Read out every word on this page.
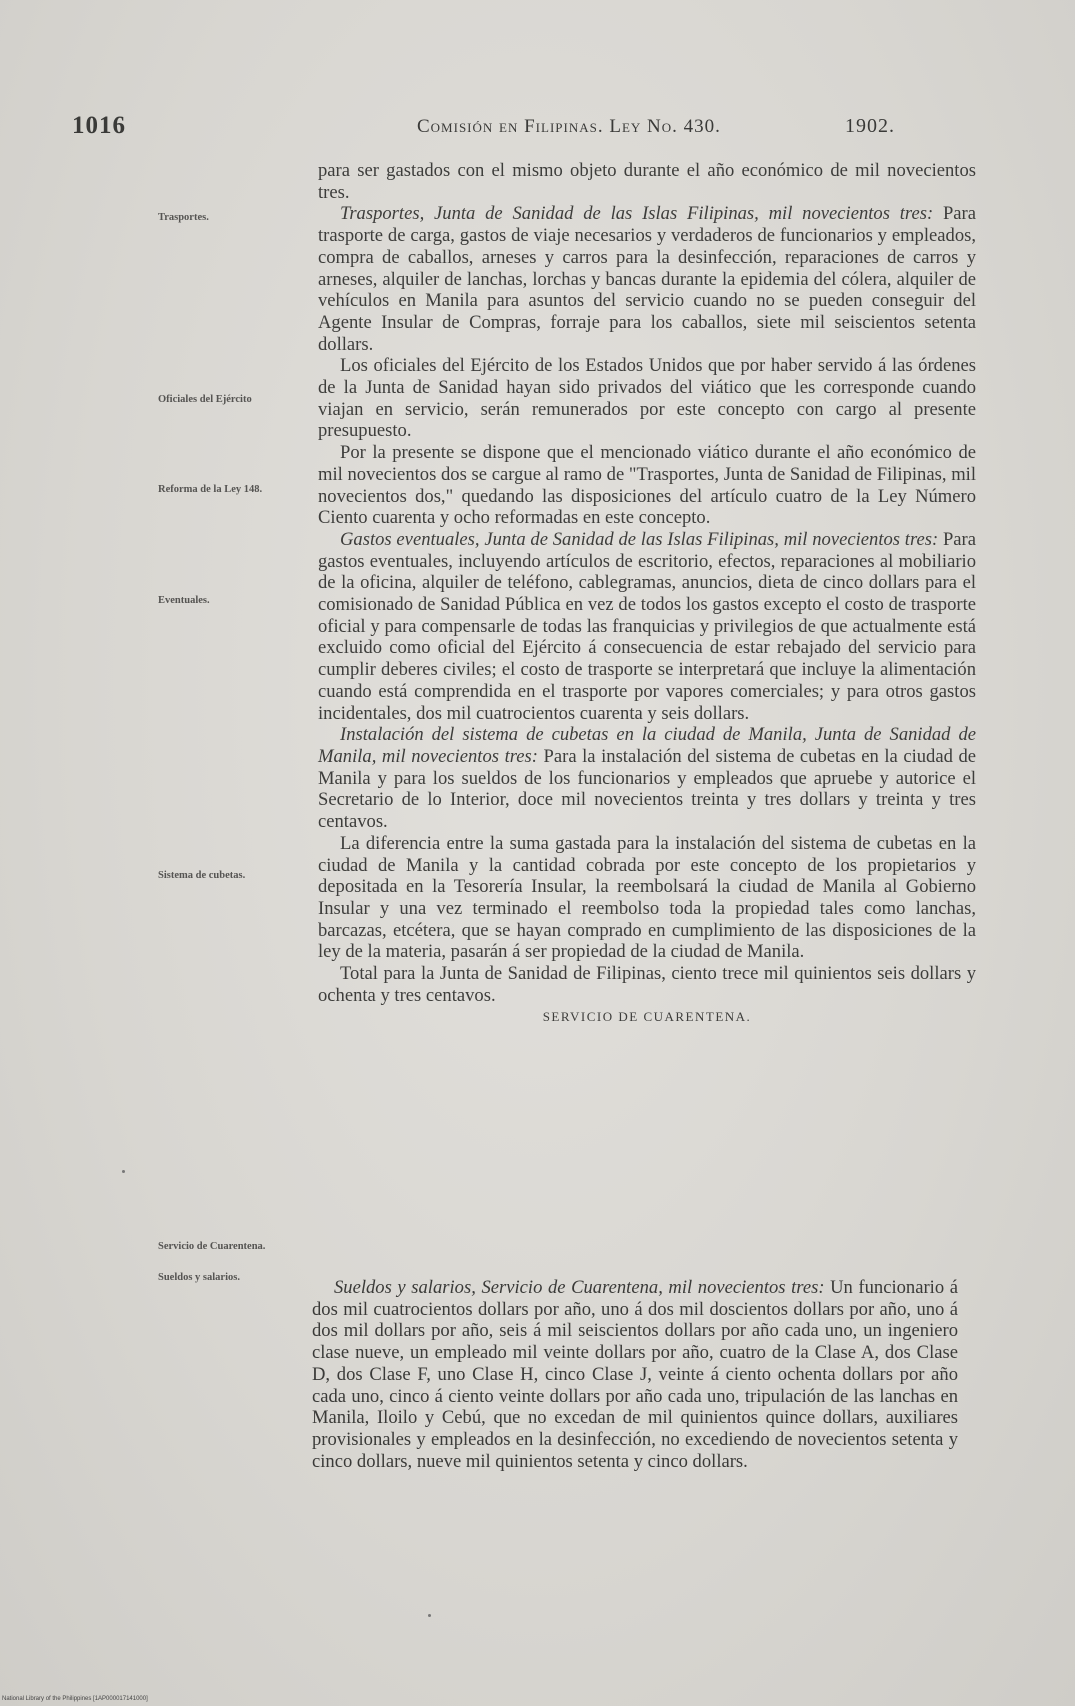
1016	Comisión en Filipinas. Ley No. 430.	1902.
Trasportes.
Oficiales del Ejército
Reforma de la Ley 148.
Eventuales.
Sistema de cubetas.
Servicio de Cuarentena.
Sueldos y salarios.

para ser gastados con el mismo objeto durante el año económico de mil novecientos tres.

Trasportes, Junta de Sanidad de las Islas Filipinas, mil novecientos tres: Para trasporte de carga, gastos de viaje necesarios y verdaderos de funcionarios y empleados, compra de caballos, arneses y carros para la desinfección, reparaciones de carros y arneses, alquiler de lanchas, lorchas y bancas durante la epidemia del cólera, alquiler de vehículos en Manila para asuntos del servicio cuando no se pueden conseguir del Agente Insular de Compras, forraje para los caballos, siete mil seiscientos setenta dollars.

Los oficiales del Ejército de los Estados Unidos que por haber servido á las órdenes de la Junta de Sanidad hayan sido privados del viático que les corresponde cuando viajan en servicio, serán remunerados por este concepto con cargo al presente presupuesto.

Por la presente se dispone que el mencionado viático durante el año económico de mil novecientos dos se cargue al ramo de "Trasportes, Junta de Sanidad de Filipinas, mil novecientos dos," quedando las disposiciones del artículo cuatro de la Ley Número Ciento cuarenta y ocho reformadas en este concepto.

Gastos eventuales, Junta de Sanidad de las Islas Filipinas, mil novecientos tres: Para gastos eventuales, incluyendo artículos de escritorio, efectos, reparaciones al mobiliario de la oficina, alquiler de teléfono, cablegramas, anuncios, dieta de cinco dollars para el comisionado de Sanidad Pública en vez de todos los gastos excepto el costo de trasporte oficial y para compensarle de todas las franquicias y privilegios de que actualmente está excluido como oficial del Ejército á consecuencia de estar rebajado del servicio para cumplir deberes civiles; el costo de trasporte se interpretará que incluye la alimentación cuando está comprendida en el trasporte por vapores comerciales; y para otros gastos incidentales, dos mil cuatrocientos cuarenta y seis dollars.

Instalación del sistema de cubetas en la ciudad de Manila, Junta de Sanidad de Manila, mil novecientos tres: Para la instalación del sistema de cubetas en la ciudad de Manila y para los sueldos de los funcionarios y empleados que apruebe y autorice el Secretario de lo Interior, doce mil novecientos treinta y tres dollars y treinta y tres centavos.

La diferencia entre la suma gastada para la instalación del sistema de cubetas en la ciudad de Manila y la cantidad cobrada por este concepto de los propietarios y depositada en la Tesorería Insular, la reembolsará la ciudad de Manila al Gobierno Insular y una vez terminado el reembolso toda la propiedad tales como lanchas, barcazas, etcétera, que se hayan comprado en cumplimiento de las disposiciones de la ley de la materia, pasarán á ser propiedad de la ciudad de Manila.

Total para la Junta de Sanidad de Filipinas, ciento trece mil quinientos seis dollars y ochenta y tres centavos.

SERVICIO DE CUARENTENA.

Sueldos y salarios, Servicio de Cuarentena, mil novecientos tres: Un funcionario á dos mil cuatrocientos dollars por año, uno á dos mil doscientos dollars por año, uno á dos mil dollars por año, seis á mil seiscientos dollars por año cada uno, un ingeniero clase nueve, un empleado mil veinte dollars por año, cuatro de la Clase A, dos Clase D, dos Clase F, uno Clase H, cinco Clase J, veinte á ciento ochenta dollars por año cada uno, cinco á ciento veinte dollars por año cada uno, tripulación de las lanchas en Manila, Iloilo y Cebú, que no excedan de mil quinientos quince dollars, auxiliares provisionales y empleados en la desinfección, no excediendo de novecientos setenta y cinco dollars, nueve mil quinientos setenta y cinco dollars.

National Library of the Philippines [1AP000017141000]
